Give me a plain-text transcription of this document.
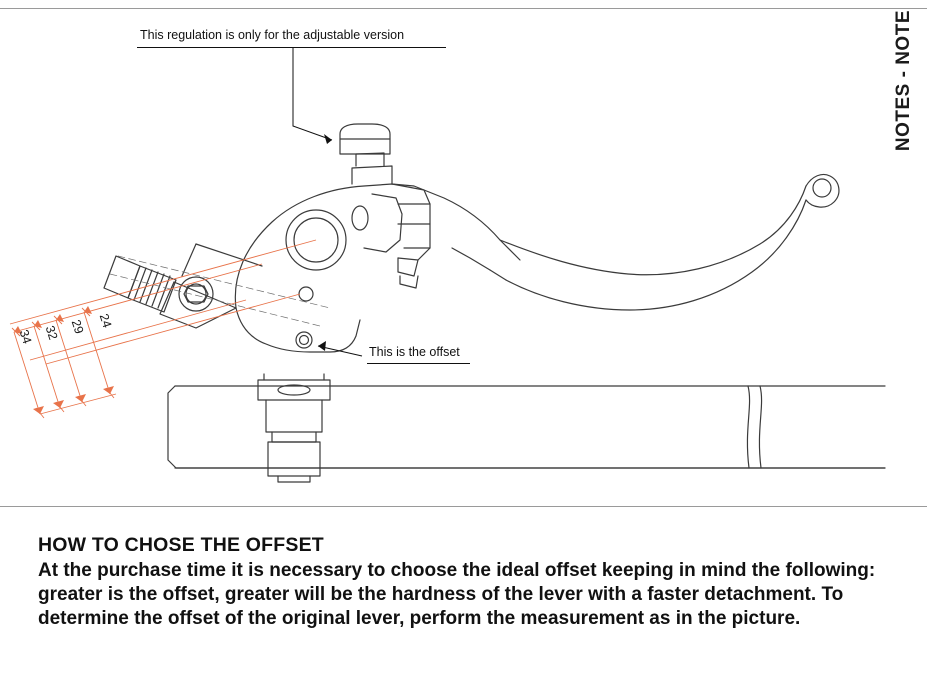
NOTES - NOTE
34 32 29 24
This regulation is only for the adjustable version
This is the offset
HOW TO CHOSE THE OFFSET

At the purchase time it is necessary to choose the ideal offset keeping in mind the following: greater is the offset, greater will be the hardness of the lever with a faster detachment. To determine the offset of the original lever, perform the measurement as in the picture.
